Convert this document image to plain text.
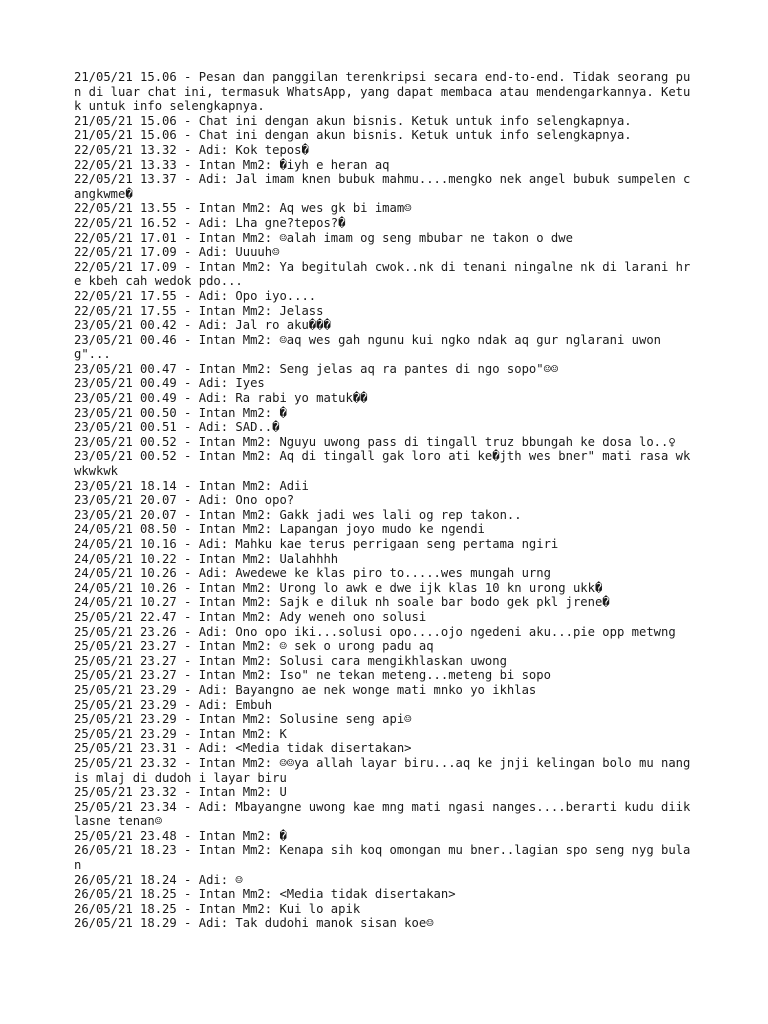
21/05/21 15.06 - Pesan dan panggilan terenkripsi secara end-to-end. Tidak seorang pun di luar chat ini, termasuk WhatsApp, yang dapat membaca atau mendengarkannya. Ketuk untuk info selengkapnya.
21/05/21 15.06 - Chat ini dengan akun bisnis. Ketuk untuk info selengkapnya.
21/05/21 15.06 - Chat ini dengan akun bisnis. Ketuk untuk info selengkapnya.
22/05/21 13.32 - Adi: Kok tepos�
22/05/21 13.33 - Intan Mm2: �iyh e heran aq
22/05/21 13.37 - Adi: Jal imam knen bubuk mahmu....mengko nek angel bubuk sumpelen cangkwme�
22/05/21 13.55 - Intan Mm2: Aq wes gk bi imam☺
22/05/21 16.52 - Adi: Lha gne?tepos?�
22/05/21 17.01 - Intan Mm2: ☺alah imam og seng mbubar ne takon o dwe
22/05/21 17.09 - Adi: Uuuuh☺
22/05/21 17.09 - Intan Mm2: Ya begitulah cwok..nk di tenani ningalne nk di larani hre kbeh cah wedok pdo...
22/05/21 17.55 - Adi: Opo iyo....
22/05/21 17.55 - Intan Mm2: Jelass
23/05/21 00.42 - Adi: Jal ro aku���
23/05/21 00.46 - Intan Mm2: ☺aq wes gah ngunu kui ngko ndak aq gur nglarani uwong"...
23/05/21 00.47 - Intan Mm2: Seng jelas aq ra pantes di ngo sopo"☺☺
23/05/21 00.49 - Adi: Iyes
23/05/21 00.49 - Adi: Ra rabi yo matuk��
23/05/21 00.50 - Intan Mm2: �
23/05/21 00.51 - Adi: SAD..�
23/05/21 00.52 - Intan Mm2: Nguyu uwong pass di tingall truz bbungah ke dosa lo..♀
23/05/21 00.52 - Intan Mm2: Aq di tingall gak loro ati ke�jth wes bner" mati rasa wkwkwkwk
23/05/21 18.14 - Intan Mm2: Adii
23/05/21 20.07 - Adi: Ono opo?
23/05/21 20.07 - Intan Mm2: Gakk jadi wes lali og rep takon..
24/05/21 08.50 - Intan Mm2: Lapangan joyo mudo ke ngendi
24/05/21 10.16 - Adi: Mahku kae terus perrigaan seng pertama ngiri
24/05/21 10.22 - Intan Mm2: Ualahhhh
24/05/21 10.26 - Adi: Awedewe ke klas piro to.....wes mungah urng
24/05/21 10.26 - Intan Mm2: Urong lo awk e dwe ijk klas 10 kn urong ukk�
24/05/21 10.27 - Intan Mm2: Sajk e diluk nh soale bar bodo gek pkl jrene�
25/05/21 22.47 - Intan Mm2: Ady weneh ono solusi
25/05/21 23.26 - Adi: Ono opo iki...solusi opo....ojo ngedeni aku...pie opp metwng
25/05/21 23.27 - Intan Mm2: ☺ sek o urong padu aq
25/05/21 23.27 - Intan Mm2: Solusi cara mengikhlaskan uwong
25/05/21 23.27 - Intan Mm2: Iso" ne tekan meteng...meteng bi sopo
25/05/21 23.29 - Adi: Bayangno ae nek wonge mati mnko yo ikhlas
25/05/21 23.29 - Adi: Embuh
25/05/21 23.29 - Intan Mm2: Solusine seng api☺
25/05/21 23.29 - Intan Mm2: K
25/05/21 23.31 - Adi: <Media tidak disertakan>
25/05/21 23.32 - Intan Mm2: ☺☺ya allah layar biru...aq ke jnji kelingan bolo mu nangis mlaj di dudoh i layar biru
25/05/21 23.32 - Intan Mm2: U
25/05/21 23.34 - Adi: Mbayangne uwong kae mng mati ngasi nanges....berarti kudu diiklasne tenan☺
25/05/21 23.48 - Intan Mm2: �
26/05/21 18.23 - Intan Mm2: Kenapa sih koq omongan mu bner..lagian spo seng nyg bulan
26/05/21 18.24 - Adi: ☺
26/05/21 18.25 - Intan Mm2: <Media tidak disertakan>
26/05/21 18.25 - Intan Mm2: Kui lo apik
26/05/21 18.29 - Adi: Tak dudohi manok sisan koe☺
